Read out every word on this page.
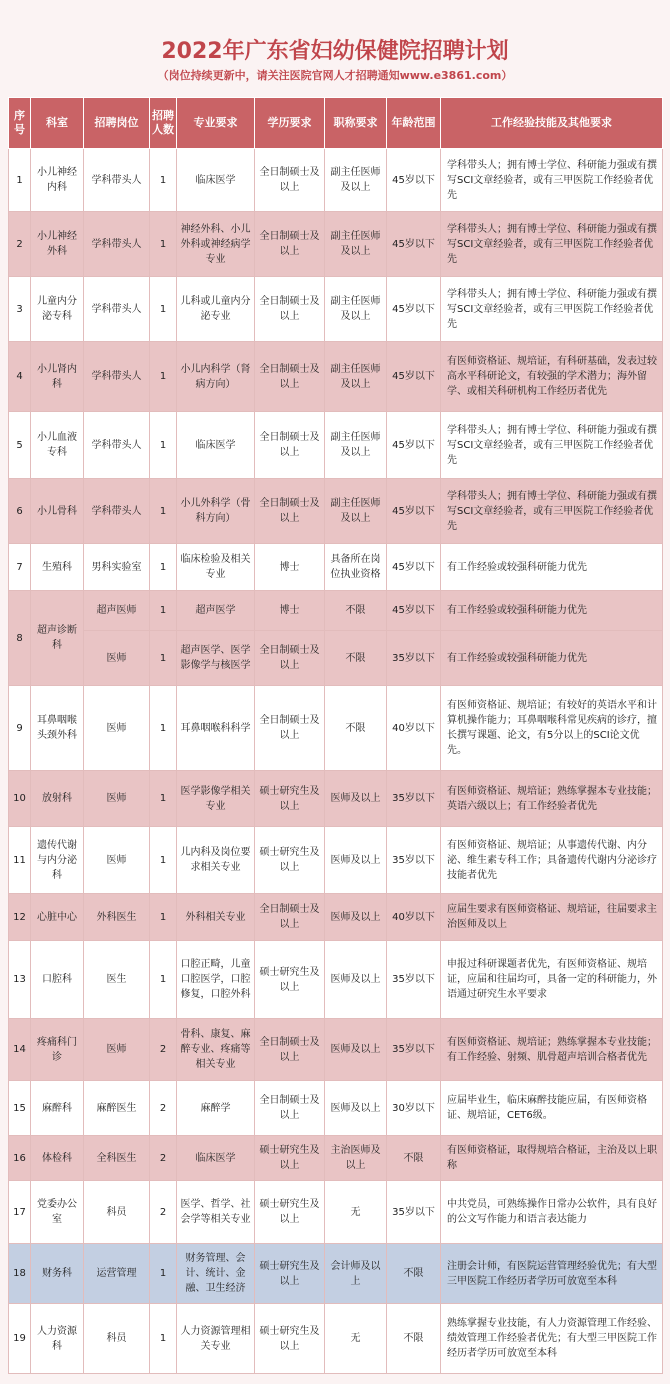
2022年广东省妇幼保健院招聘计划
（岗位持续更新中，请关注医院官网人才招聘通知www.e3861.com）
序号	科室	招聘岗位	招聘人数	专业要求	学历要求	职称要求	年龄范围	工作经验技能及其他要求
1	小儿神经内科	学科带头人	1	临床医学	全日制硕士及以上	副主任医师及以上	45岁以下	学科带头人；拥有博士学位、科研能力强或有撰写SCI文章经验者，或有三甲医院工作经验者优先
2	小儿神经外科	学科带头人	1	神经外科、小儿外科或神经病学专业	全日制硕士及以上	副主任医师及以上	45岁以下	学科带头人；拥有博士学位、科研能力强或有撰写SCI文章经验者，或有三甲医院工作经验者优先
3	儿童内分泌专科	学科带头人	1	儿科或儿童内分泌专业	全日制硕士及以上	副主任医师及以上	45岁以下	学科带头人；拥有博士学位、科研能力强或有撰写SCI文章经验者，或有三甲医院工作经验者优先
4	小儿肾内科	学科带头人	1	小儿内科学（肾病方向）	全日制硕士及以上	副主任医师及以上	45岁以下	有医师资格证、规培证，有科研基础，发表过较高水平科研论文，有较强的学术潜力；海外留学、或相关科研机构工作经历者优先
5	小儿血液专科	学科带头人	1	临床医学	全日制硕士及以上	副主任医师及以上	45岁以下	学科带头人；拥有博士学位、科研能力强或有撰写SCI文章经验者，或有三甲医院工作经验者优先
6	小儿骨科	学科带头人	1	小儿外科学（骨科方向）	全日制硕士及以上	副主任医师及以上	45岁以下	学科带头人；拥有博士学位、科研能力强或有撰写SCI文章经验者，或有三甲医院工作经验者优先
7	生殖科	男科实验室	1	临床检验及相关专业	博士	具备所在岗位执业资格	45岁以下	有工作经验或较强科研能力优先
8	超声诊断科	超声医师	1	超声医学	博士	不限	45岁以下	有工作经验或较强科研能力优先
		医师	1	超声医学、医学影像学与核医学	全日制硕士及以上	不限	35岁以下	有工作经验或较强科研能力优先
9	耳鼻咽喉头颈外科	医师	1	耳鼻咽喉科科学	全日制硕士及以上	不限	40岁以下	有医师资格证、规培证；有较好的英语水平和计算机操作能力；耳鼻咽喉科常见疾病的诊疗，擅长撰写课题、论文，有5分以上的SCI论文优先。
10	放射科	医师	1	医学影像学相关专业	硕士研究生及以上	医师及以上	35岁以下	有医师资格证、规培证；熟练掌握本专业技能；英语六级以上；有工作经验者优先
11	遗传代谢与内分泌科	医师	1	儿内科及岗位要求相关专业	硕士研究生及以上	医师及以上	35岁以下	有医师资格证、规培证；从事遗传代谢、内分泌、维生素专科工作；具备遗传代谢内分泌诊疗技能者优先
12	心脏中心	外科医生	1	外科相关专业	全日制硕士及以上	医师及以上	40岁以下	应届生要求有医师资格证、规培证，往届要求主治医师及以上
13	口腔科	医生	1	口腔正畸，儿童口腔医学，口腔修复，口腔外科	硕士研究生及以上	医师及以上	35岁以下	申报过科研课题者优先，有医师资格证、规培证，应届和往届均可，具备一定的科研能力，外语通过研究生水平要求
14	疼痛科门诊	医师	2	骨科、康复、麻醉专业、疼痛等相关专业	全日制硕士及以上	医师及以上	35岁以下	有医师资格证、规培证；熟练掌握本专业技能；有工作经验、射频、肌骨超声培训合格者优先
15	麻醉科	麻醉医生	2	麻醉学	全日制硕士及以上	医师及以上	30岁以下	应届毕业生，临床麻醉技能应届，有医师资格证、规培证，CET6级。
16	体检科	全科医生	2	临床医学	硕士研究生及以上	主治医师及以上	不限	有医师资格证，取得规培合格证，主治及以上职称
17	党委办公室	科员	2	医学、哲学、社会学等相关专业	硕士研究生及以上	无	35岁以下	中共党员，可熟练操作日常办公软件，具有良好的公文写作能力和语言表达能力
18	财务科	运营管理	1	财务管理、会计、统计、金融、卫生经济	硕士研究生及以上	会计师及以上	不限	注册会计师，有医院运营管理经验优先；有大型三甲医院工作经历者学历可放宽至本科
19	人力资源科	科员	1	人力资源管理相关专业	硕士研究生及以上	无	不限	熟练掌握专业技能，有人力资源管理工作经验、绩效管理工作经验者优先；有大型三甲医院工作经历者学历可放宽至本科
